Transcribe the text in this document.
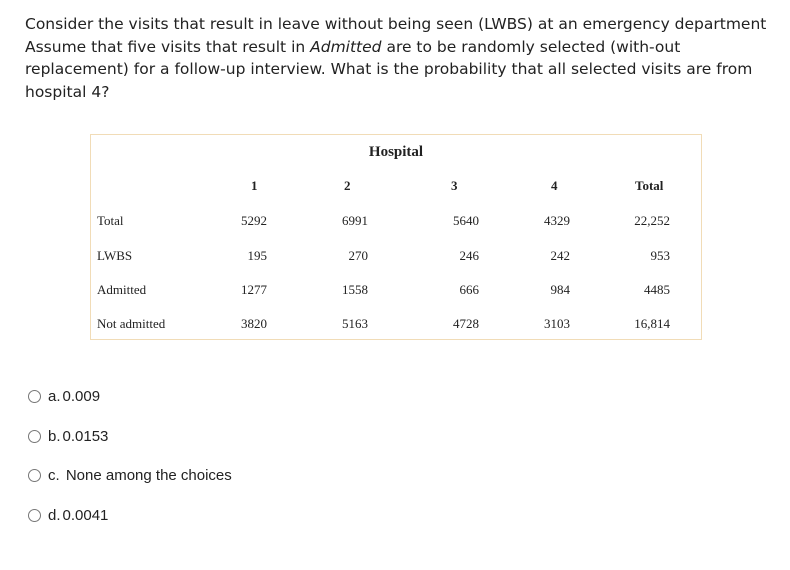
Consider the visits that result in leave without being seen (LWBS) at an emergency department
Assume that five visits that result in Admitted are to be randomly selected (with-out
replacement) for a follow-up interview. What is the probability that all selected visits are from
hospital 4?
Hospital
1	2	3	4	Total
Total	5292	6991	5640	4329	22,252
LWBS	195	270	246	242	953
Admitted	1277	1558	666	984	4485
Not admitted	3820	5163	4728	3103	16,814
a. 0.009
b. 0.0153
c. None among the choices
d. 0.0041
